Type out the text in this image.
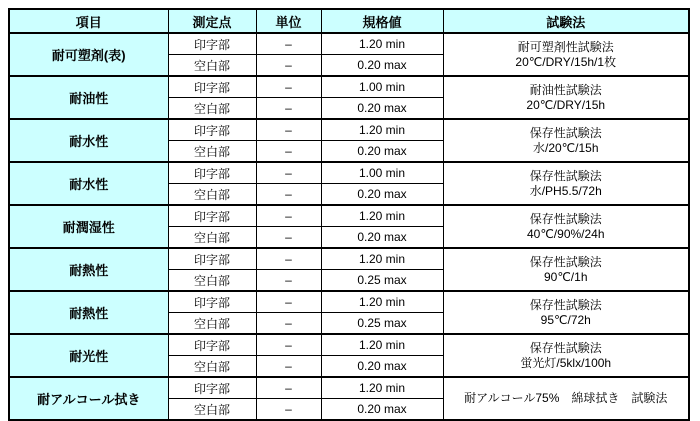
項目	測定点	単位	規格値	試験法
耐可塑剤(表)	印字部	–	1.20 min	耐可塑剤性試験法
20℃/DRY/15h/1枚

	空白部	–	0.20 max	
耐油性	印字部	–	1.00 min	耐油性試験法
20℃/DRY/15h

	空白部	–	0.20 max	
耐水性	印字部	–	1.20 min	保存性試験法
水/20℃/15h

	空白部	–	0.20 max	
耐水性	印字部	–	1.00 min	保存性試験法
水/PH5.5/72h

	空白部	–	0.20 max	
耐潤湿性	印字部	–	1.20 min	保存性試験法
40℃/90%/24h

	空白部	–	0.20 max	
耐熱性	印字部	–	1.20 min	保存性試験法
90℃/1h

	空白部	–	0.25 max	
耐熱性	印字部	–	1.20 min	保存性試験法
95℃/72h

	空白部	–	0.25 max	
耐光性	印字部	–	1.20 min	保存性試験法
蛍光灯/5klx/100h

	空白部	–	0.20 max	
耐アルコール拭き	印字部	–	1.20 min	耐アルコール75%　綿球拭き　試験法

	空白部	–	0.20 max	
